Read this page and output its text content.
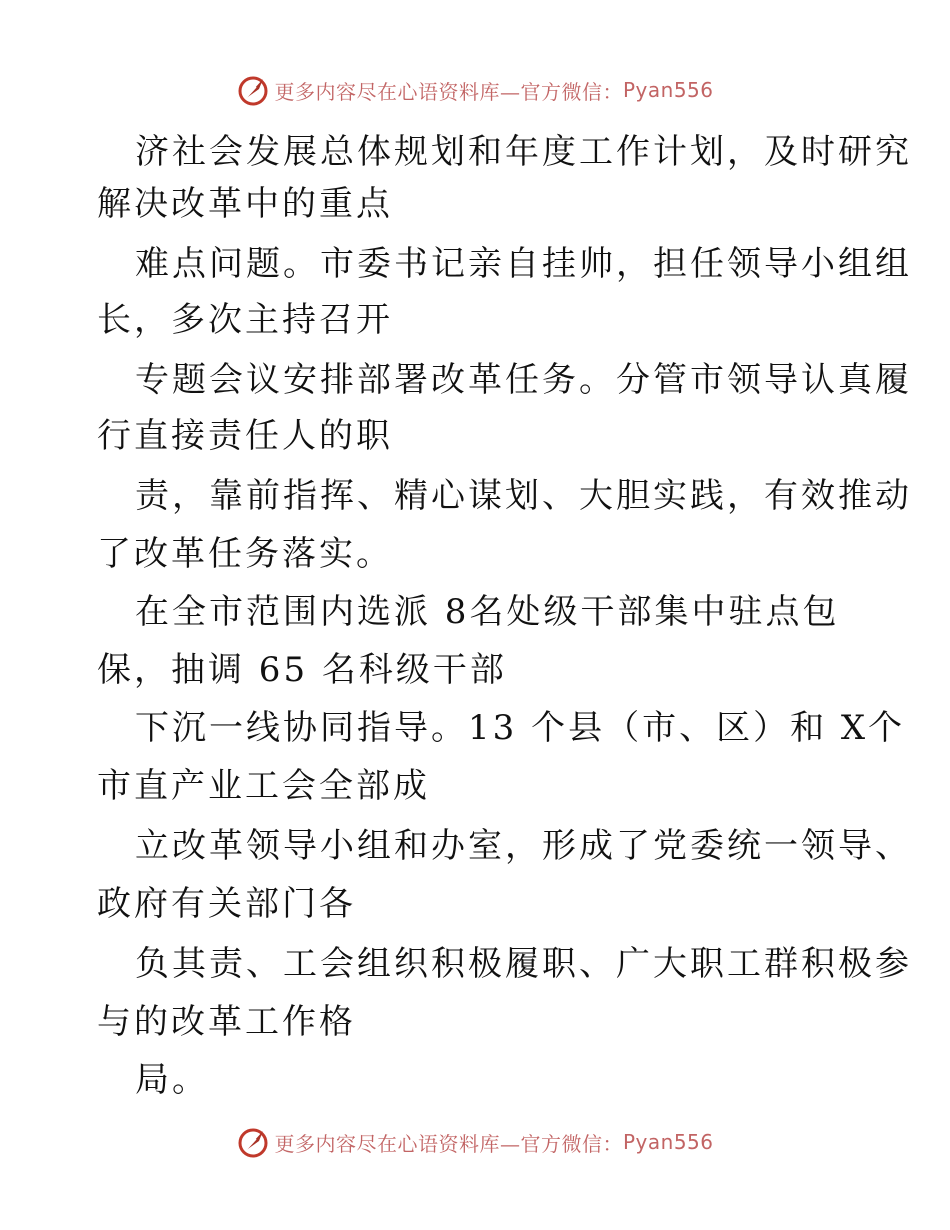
更多内容尽在心语资料库—官方微信： Pyan556
济社会发展总体规划和年度工作计划，及时研究
解决改革中的重点
难点问题。市委书记亲自挂帅，担任领导小组组
长，多次主持召开
专题会议安排部署改革任务。分管市领导认真履
行直接责任人的职
责，靠前指挥、精心谋划、大胆实践，有效推动
了改革任务落实。
在全市范围内选派 8名处级干部集中驻点包
保，抽调 65 名科级干部
下沉一线协同指导。13 个县（市、区）和 X个
市直产业工会全部成
立改革领导小组和办室，形成了党委统一领导、
政府有关部门各
负其责、工会组织积极履职、广大职工群积极参
与的改革工作格
局。
更多内容尽在心语资料库—官方微信： Pyan556
